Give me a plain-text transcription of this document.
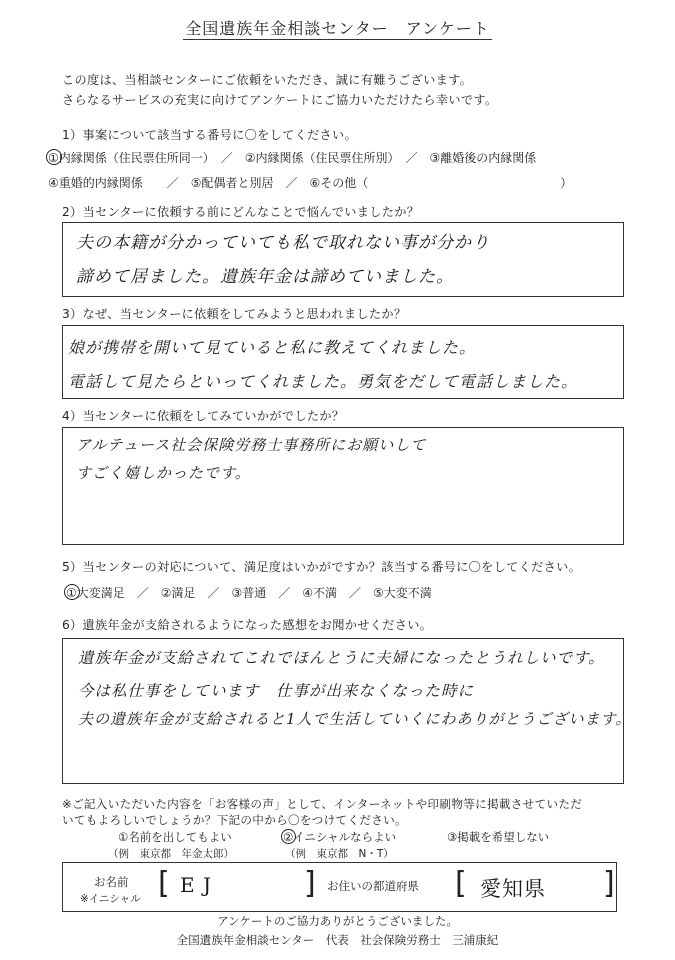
全国遺族年金相談センター　アンケート
この度は、当相談センターにご依頼をいただき、誠に有難うございます。
さらなるサービスの充実に向けてアンケートにご協力いただけたら幸いです。
1）事案について該当する番号に〇をしてください。
①内縁関係（住民票住所同一）　／　②内縁関係（住民票住所別）　／　③離婚後の内縁関係
④重婚的内縁関係　　／　⑤配偶者と別居　／　⑥その他（　　　　　　　　　　　　　　　　）
2）当センターに依頼する前にどんなことで悩んでいましたか？
夫の本籍が分かっていても私で取れない事が分かり
諦めて居ました。遺族年金は諦めていました。
3）なぜ、当センターに依頼をしてみようと思われましたか？
娘が携帯を開いて見ていると私に教えてくれました。
電話して見たらといってくれました。勇気をだして電話しました。
4）当センターに依頼をしてみていかがでしたか？
アルテュース社会保険労務士事務所にお願いして
すごく嬉しかったです。
5）当センターの対応について、満足度はいかがですか？該当する番号に〇をしてください。
①大変満足　／　②満足　／　③普通　／　④不満　／　⑤大変不満
6）遺族年金が支給されるようになった感想をお聞かせください。
遺族年金が支給されてこれでほんとうに夫婦になったとうれしいです。
今は私仕事をしています　仕事が出来なくなった時に
夫の遺族年金が支給されると1人で生活していくにわありがとうございます。
※ご記入いただいた内容を「お客様の声」として、インターネットや印刷物等に掲載させていただ
いてもよろしいでしょうか？下記の中から〇をつけてください。
①名前を出してもよい
（例　東京都　年金太郎）
②イニシャルならよい
（例　東京都　N・T）
③掲載を希望しない
お名前
※イニシャル [ E J	] お住いの都道府県 [ 愛知県 ]
アンケートのご協力ありがとうございました。
全国遺族年金相談センター　代表　社会保険労務士　三浦康紀
